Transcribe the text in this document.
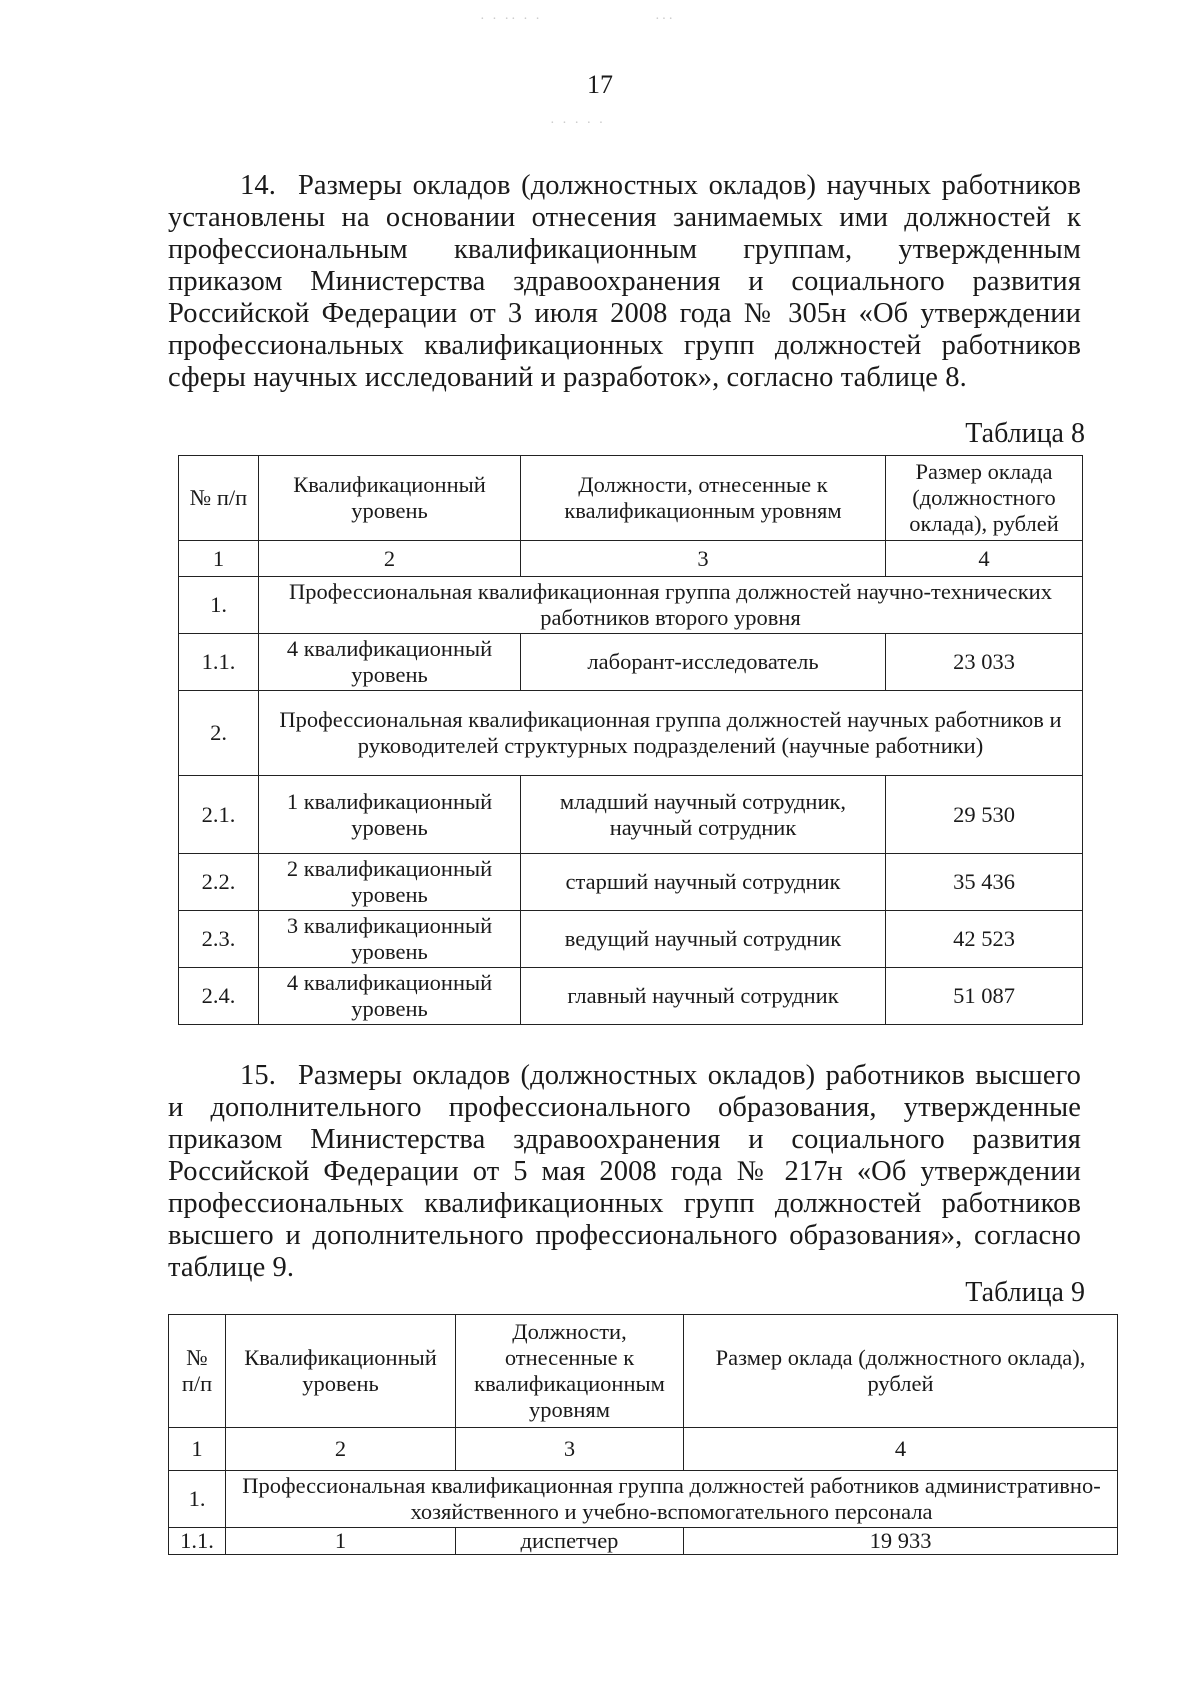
· · ·· · ·	···
· · · · ·
17

14. Размеры окладов (должностных окладов) научных работников установлены на основании отнесения занимаемых ими должностей к профессиональным квалификационным группам, утвержденным приказом Министерства здравоохранения и социального развития Российской Федерации от 3 июля 2008 года № 305н «Об утверждении профессиональных квалификационных групп должностей работников сферы научных исследований и разработок», согласно таблице 8.

Таблица 8
№ п/п	Квалификационный уровень	Должности, отнесенные к квалификационным уровням	Размер оклада (должностного оклада), рублей
1	2	3	4
1.	Профессиональная квалификационная группа должностей научно-технических работников второго уровня		
1.1.	4 квалификационный уровень	лаборант-исследователь	23 033
2.	Профессиональная квалификационная группа должностей научных работников и руководителей структурных подразделений (научные работники)		
2.1.	1 квалификационный уровень	младший научный сотрудник, научный сотрудник	29 530
2.2.	2 квалификационный уровень	старший научный сотрудник	35 436
2.3.	3 квалификационный уровень	ведущий научный сотрудник	42 523
2.4.	4 квалификационный уровень	главный научный сотрудник	51 087

15. Размеры окладов (должностных окладов) работников высшего и дополнительного профессионального образования, утвержденные приказом Министерства здравоохранения и социального развития Российской Федерации от 5 мая 2008 года № 217н «Об утверждении профессиональных квалификационных групп должностей работников высшего и дополнительного профессионального образования», согласно таблице 9.

Таблица 9
№ п/п	Квалификационный уровень	Должности, отнесенные к квалификационным уровням	Размер оклада (должностного оклада), рублей
1	2	3	4
1.	Профессиональная квалификационная группа должностей работников административно-хозяйственного и учебно-вспомогательного персонала		
1.1.	1	диспетчер	19 933
